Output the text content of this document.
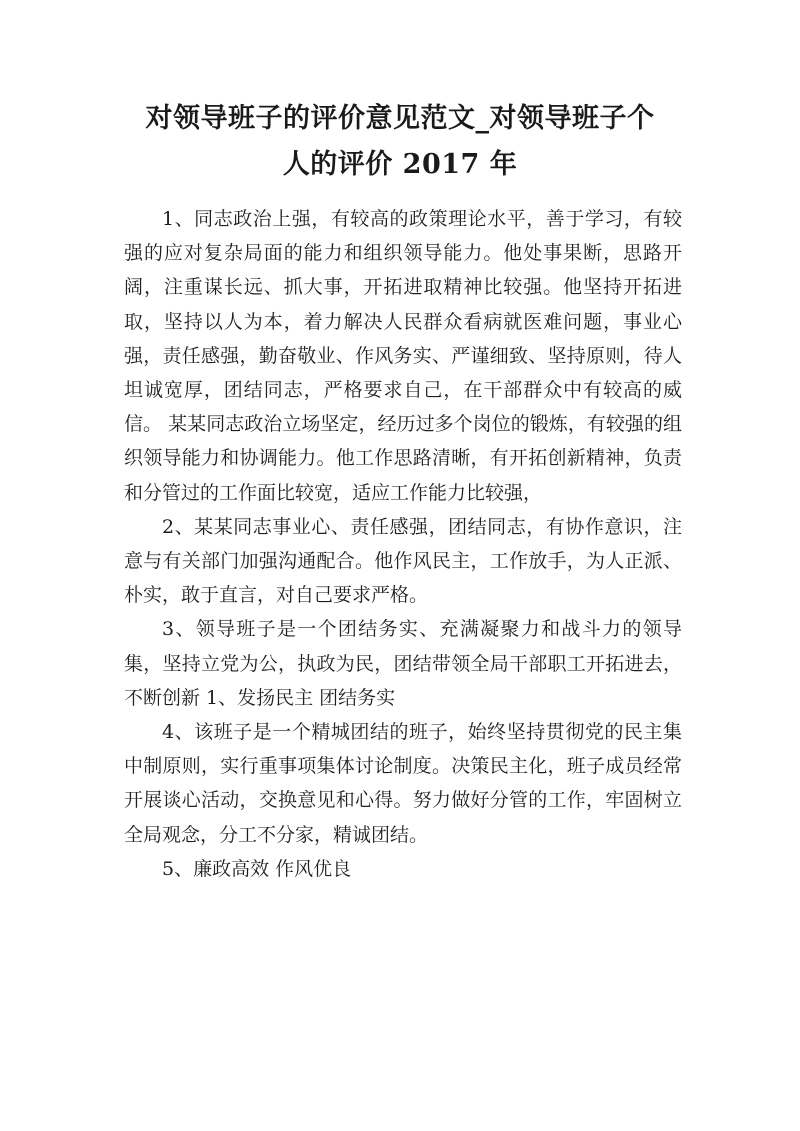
对领导班子的评价意见范文_对领导班子个
人的评价 2017 年

1、同志政治上强，有较高的政策理论水平，善于学习，有较强的应对复杂局面的能力和组织领导能力。他处事果断，思路开阔，注重谋长远、抓大事，开拓进取精神比较强。他坚持开拓进取，坚持以人为本，着力解决人民群众看病就医难问题，事业心强，责任感强，勤奋敬业、作风务实、严谨细致、坚持原则，待人坦诚宽厚，团结同志，严格要求自己，在干部群众中有较高的威信。 某某同志政治立场坚定，经历过多个岗位的锻炼，有较强的组织领导能力和协调能力。他工作思路清晰，有开拓创新精神，负责和分管过的工作面比较宽，适应工作能力比较强，

2、某某同志事业心、责任感强，团结同志，有协作意识，注意与有关部门加强沟通配合。他作风民主，工作放手，为人正派、朴实，敢于直言，对自己要求严格。

3、领导班子是一个团结务实、充满凝聚力和战斗力的领导集，坚持立党为公，执政为民，团结带领全局干部职工开拓进去，不断创新 1、发扬民主 团结务实

4、该班子是一个精城团结的班子，始终坚持贯彻党的民主集中制原则，实行重事项集体讨论制度。决策民主化，班子成员经常开展谈心活动，交换意见和心得。努力做好分管的工作，牢固树立全局观念，分工不分家，精诚团结。

5、廉政高效 作风优良
